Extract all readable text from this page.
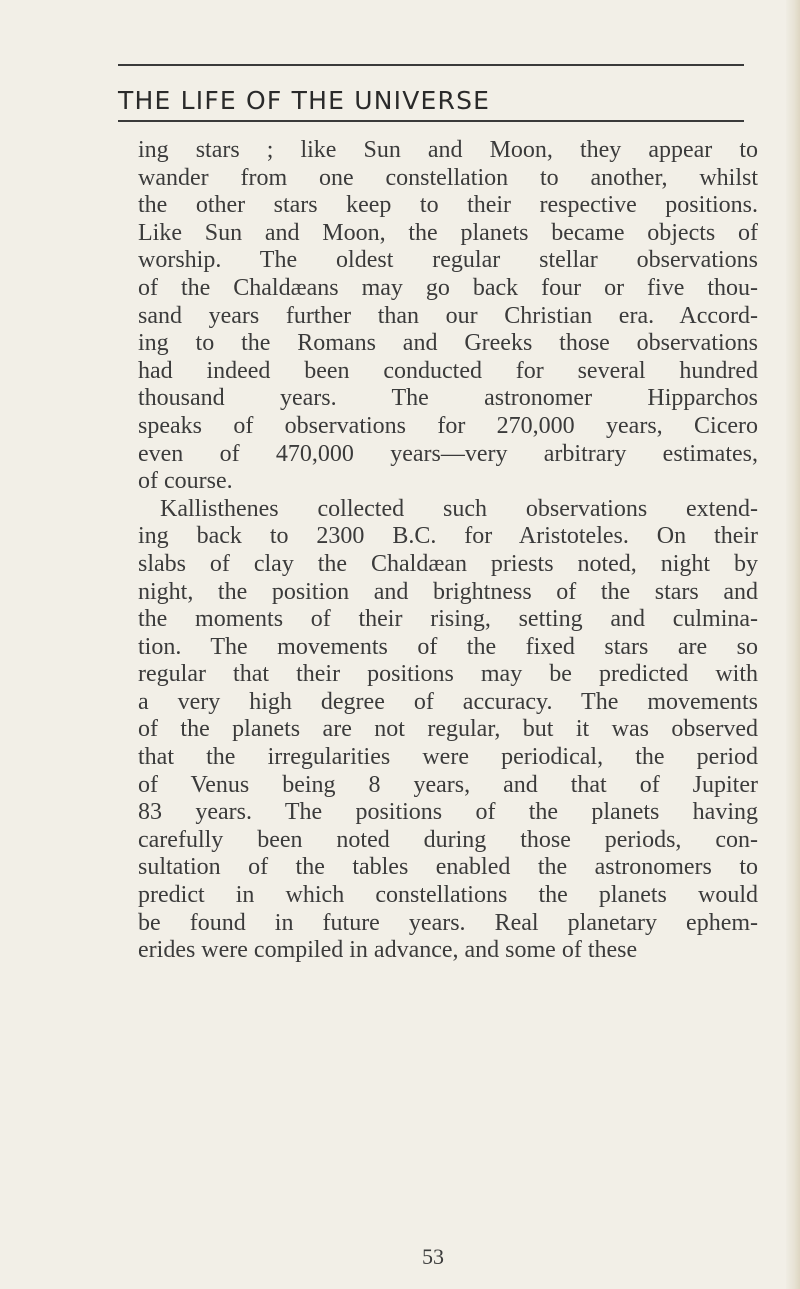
THE LIFE OF THE UNIVERSE
ing stars ; like Sun and Moon, they appear to
wander from one constellation to another, whilst
the other stars keep to their respective positions.
Like Sun and Moon, the planets became objects of
worship. The oldest regular stellar observations
of the Chaldæans may go back four or five thou-
sand years further than our Christian era. Accord-
ing to the Romans and Greeks those observations
had indeed been conducted for several hundred
thousand years. The astronomer Hipparchos
speaks of observations for 270,000 years, Cicero
even of 470,000 years—very arbitrary estimates,
of course.
Kallisthenes collected such observations extend-
ing back to 2300 B.C. for Aristoteles. On their
slabs of clay the Chaldæan priests noted, night by
night, the position and brightness of the stars and
the moments of their rising, setting and culmina-
tion. The movements of the fixed stars are so
regular that their positions may be predicted with
a very high degree of accuracy. The movements
of the planets are not regular, but it was observed
that the irregularities were periodical, the period
of Venus being 8 years, and that of Jupiter
83 years. The positions of the planets having
carefully been noted during those periods, con-
sultation of the tables enabled the astronomers to
predict in which constellations the planets would
be found in future years. Real planetary ephem-
erides were compiled in advance, and some of these
53
